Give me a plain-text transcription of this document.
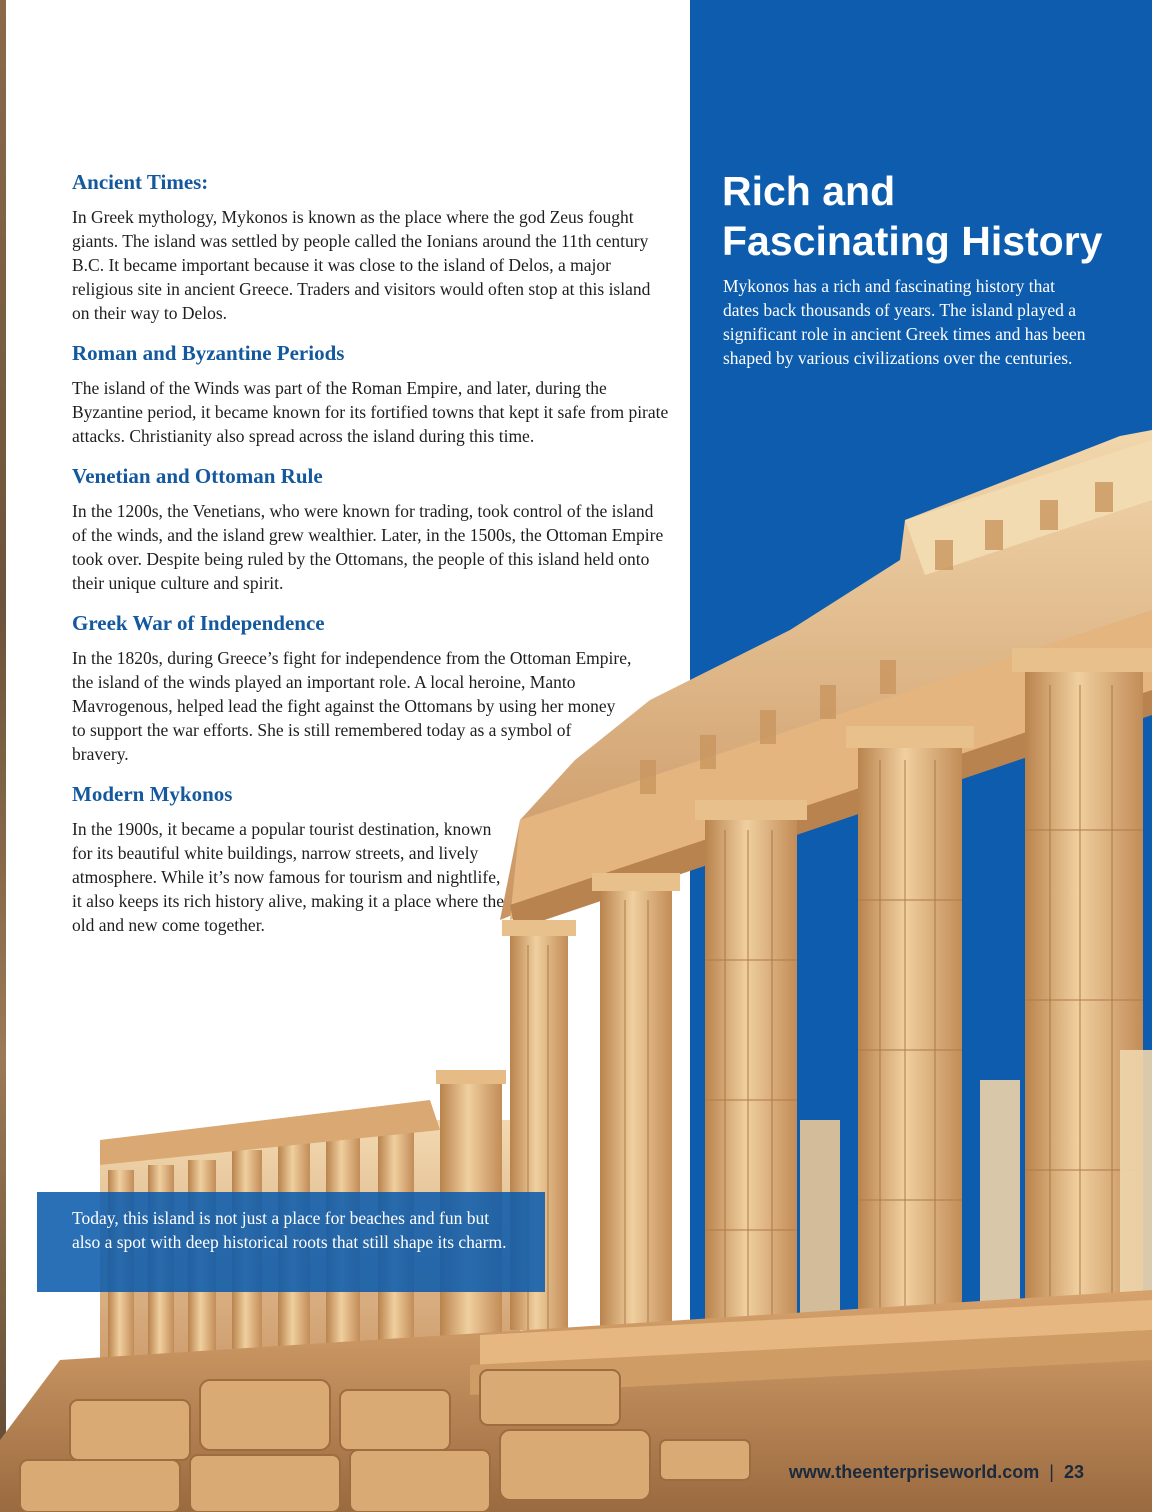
Rich and
Fascinating History

Mykonos has a rich and fascinating history that dates back thousands of years. The island played a significant role in ancient Greek times and has been shaped by various civilizations over the centuries.

Ancient Times:

In Greek mythology, Mykonos is known as the place where the god Zeus fought giants. The island was settled by people called the Ionians around the 11th century B.C. It became important because it was close to the island of Delos, a major religious site in ancient Greece. Traders and visitors would often stop at this island on their way to Delos.

Roman and Byzantine Periods

The island of the Winds was part of the Roman Empire, and later, during the Byzantine period, it became known for its fortified towns that kept it safe from pirate attacks. Christianity also spread across the island during this time.

Venetian and Ottoman Rule

In the 1200s, the Venetians, who were known for trading, took control of the island of the winds, and the island grew wealthier. Later, in the 1500s, the Ottoman Empire took over. Despite being ruled by the Ottomans, the people of this island held onto their unique culture and spirit.

Greek War of Independence

In the 1820s, during Greece’s fight for independence from the Ottoman Empire, the island of the winds played an important role. A local heroine, Manto Mavrogenous, helped lead the fight against the Ottomans by using her money to support the war efforts. She is still remembered today as a symbol of bravery.

Modern Mykonos

In the 1900s, it became a popular tourist destination, known for its beautiful white buildings, narrow streets, and lively atmosphere. While it’s now famous for tourism and nightlife, it also keeps its rich history alive, making it a place where the old and new come together.

Today, this island is not just a place for beaches and fun but also a spot with deep historical roots that still shape its charm.

www.theenterpriseworld.com | 23
